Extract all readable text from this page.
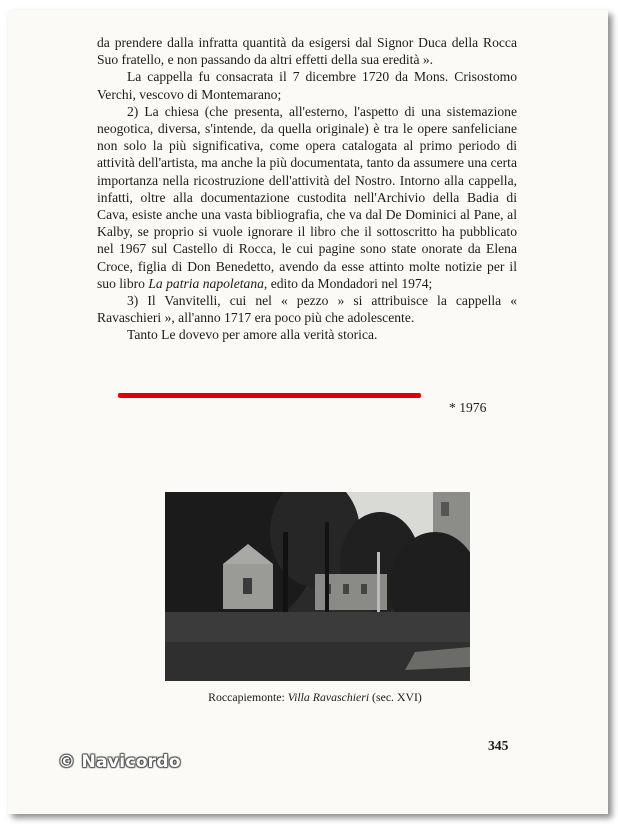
da prendere dalla infratta quantità da esigersi dal Signor Duca della Rocca Suo fratello, e non passando da altri effetti della sua eredità ».

La cappella fu consacrata il 7 dicembre 1720 da Mons. Crisostomo Verchi, vescovo di Montemarano;

2) La chiesa (che presenta, all'esterno, l'aspetto di una sistemazione neogotica, diversa, s'intende, da quella originale) è tra le opere sanfeliciane non solo la più significativa, come opera catalogata al primo periodo di attività dell'artista, ma anche la più documentata, tanto da assumere una certa importanza nella ricostruzione dell'attività del Nostro. Intorno alla cappella, infatti, oltre alla documentazione custodita nell'Archivio della Badia di Cava, esiste anche una vasta bibliografia, che va dal De Dominici al Pane, al Kalby, se proprio si vuole ignorare il libro che il sottoscritto ha pubblicato nel 1967 sul Castello di Rocca, le cui pagine sono state onorate da Elena Croce, figlia di Don Benedetto, avendo da esse attinto molte notizie per il suo libro La patria napoletana, edito da Mondadori nel 1974;

3) Il Vanvitelli, cui nel « pezzo » si attribuisce la cappella « Ravaschieri », all'anno 1717 era poco più che adolescente.

Tanto Le dovevo per amore alla verità storica.

* 1976
Roccapiemonte: Villa Ravaschieri (sec. XVI)
345
© Navicordo
